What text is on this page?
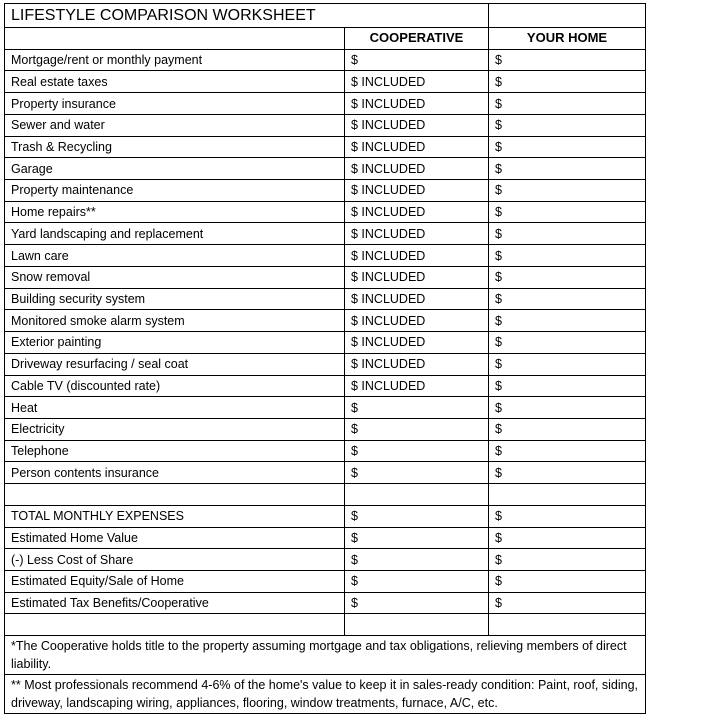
LIFESTYLE COMPARISON WORKSHEET		
	COOPERATIVE	YOUR HOME
Mortgage/rent or monthly payment	$	$
Real estate taxes	$ INCLUDED	$
Property insurance	$ INCLUDED	$
Sewer and water	$ INCLUDED	$
Trash & Recycling	$ INCLUDED	$
Garage	$ INCLUDED	$
Property maintenance	$ INCLUDED	$
Home repairs**	$ INCLUDED	$
Yard landscaping and replacement	$ INCLUDED	$
Lawn care	$ INCLUDED	$
Snow removal	$ INCLUDED	$
Building security system	$ INCLUDED	$
Monitored smoke alarm system	$ INCLUDED	$
Exterior painting	$ INCLUDED	$
Driveway resurfacing / seal coat	$ INCLUDED	$
Cable TV (discounted rate)	$ INCLUDED	$
Heat	$	$
Electricity	$	$
Telephone	$	$
Person contents insurance	$	$

TOTAL MONTHLY EXPENSES	$	$
Estimated Home Value	$	$
(-) Less Cost of Share	$	$
Estimated Equity/Sale of Home	$	$
Estimated Tax Benefits/Cooperative	$	$

*The Cooperative holds title to the property assuming mortgage and tax obligations, relieving members of direct liability.		
** Most professionals recommend 4-6% of the home's value to keep it in sales-ready condition: Paint, roof, siding, driveway, landscaping wiring, appliances, flooring, window treatments, furnace, A/C, etc.		
